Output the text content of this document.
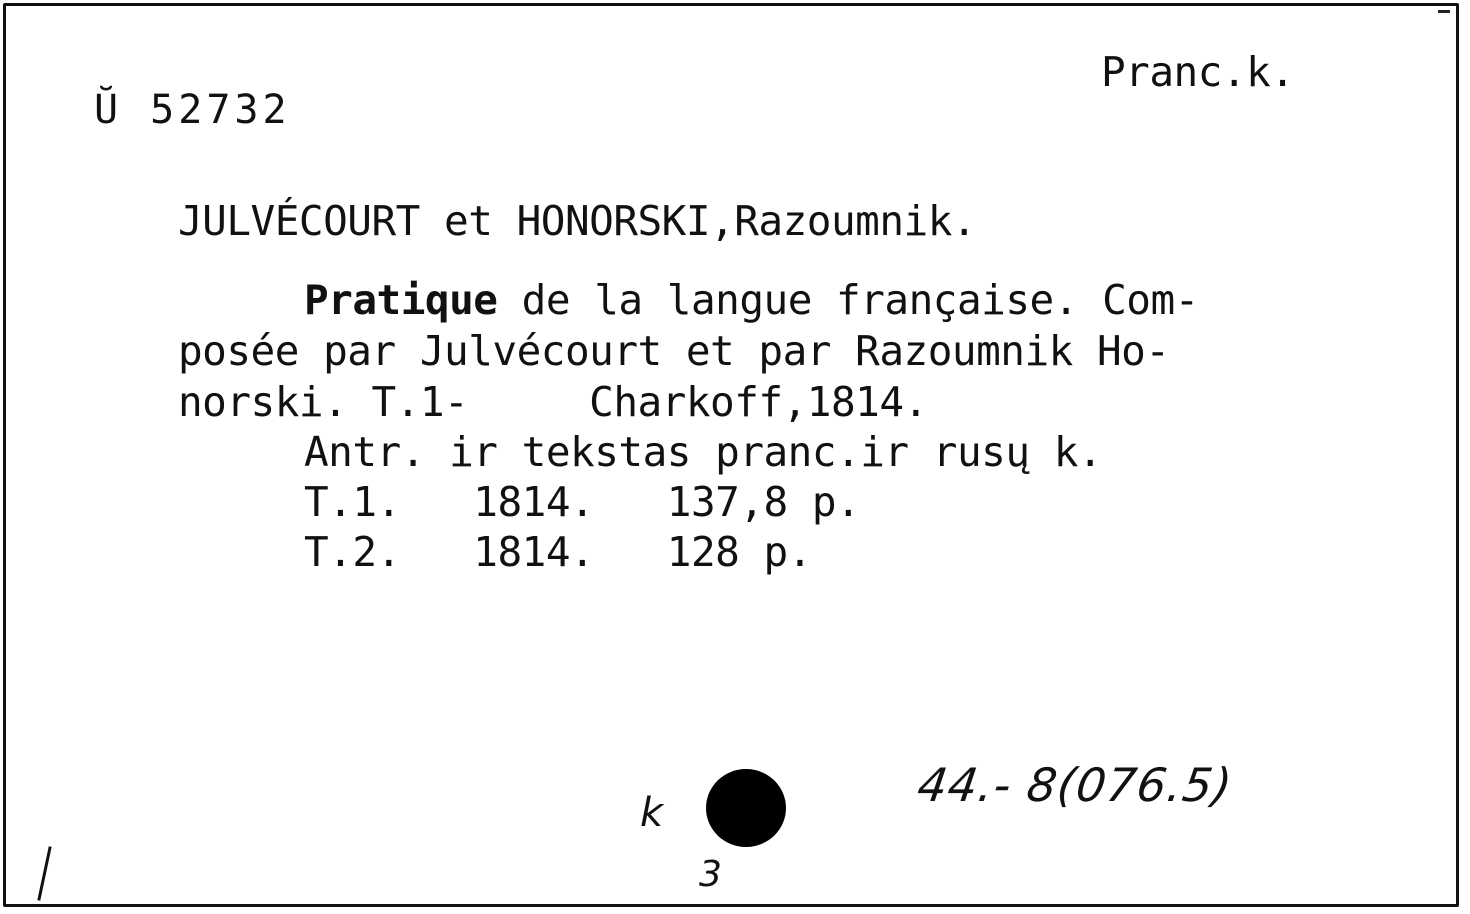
Ŭ 52732
Pranc.k.
JULVÉCOURT et HONORSKI,Razoumnik.
Pratique de la langue française. Com-
posée par Julvécourt et par Razoumnik Ho-
norski. T.1-     Charkoff,1814.
Antr. ir tekstas pranc.ir rusų k.
T.1.   1814.   137,8 p.
T.2.   1814.   128 p.
44.- 8(076.5)
k
3
